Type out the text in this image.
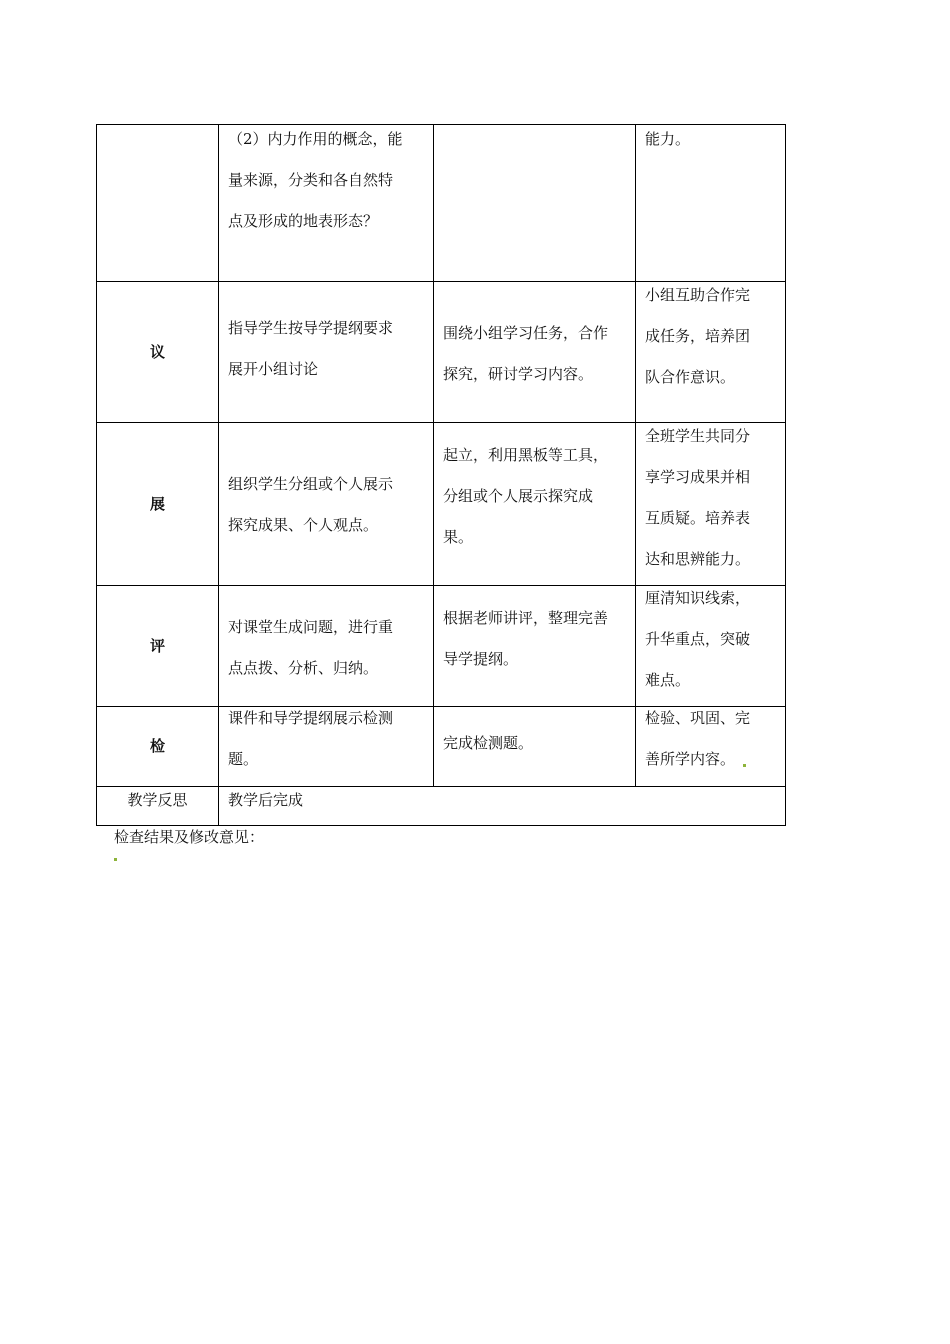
	（2）内力作用的概念，能
量来源，分类和各自然特
点及形成的地表形态？		能力。

议	指导学生按导学提纲要求
展开小组讨论	围绕小组学习任务，合作
探究，研讨学习内容。	小组互助合作完
成任务，培养团
队合作意识。

展	组织学生分组或个人展示
探究成果、个人观点。	起立，利用黑板等工具，
分组或个人展示探究成
果。	全班学生共同分
享学习成果并相
互质疑。培养表
达和思辨能力。

评	对课堂生成问题，进行重
点点拨、分析、归纳。	根据老师讲评，整理完善
导学提纲。	厘清知识线索，
升华重点，突破
难点。

检	课件和导学提纲展示检测
题。	完成检测题。	检验、巩固、完
善所学内容。

教学反思	教学后完成		
检查结果及修改意见：
